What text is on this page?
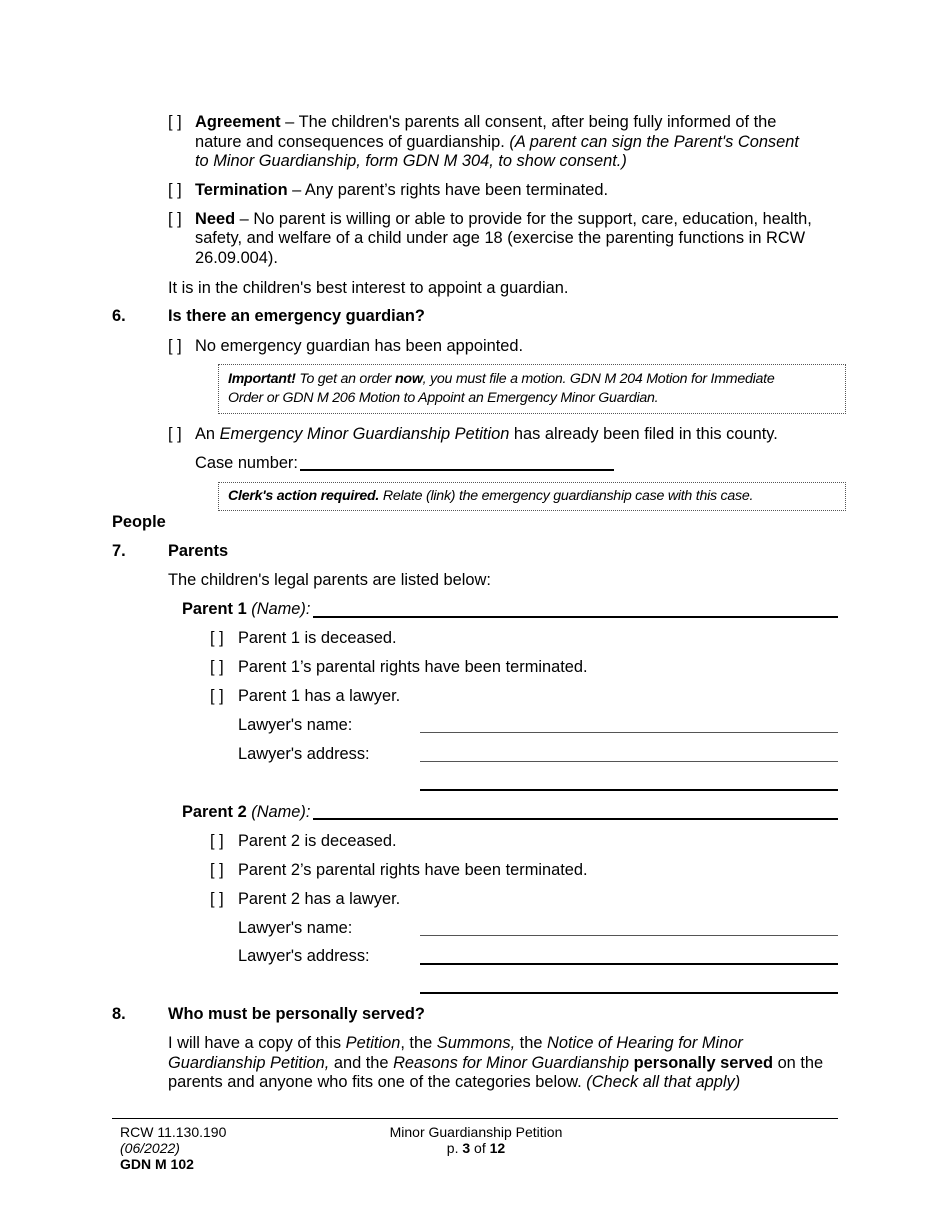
[ ] Agreement – The children's parents all consent, after being fully informed of the
nature and consequences of guardianship. (A parent can sign the Parent's Consent
to Minor Guardianship, form GDN M 304, to show consent.)
[ ] Termination – Any parent’s rights have been terminated.
[ ] Need – No parent is willing or able to provide for the support, care, education, health,
safety, and welfare of a child under age 18 (exercise the parenting functions in RCW
26.09.004).
It is in the children's best interest to appoint a guardian.
6.	Is there an emergency guardian?
[ ] No emergency guardian has been appointed.
Important! To get an order now, you must file a motion. GDN M 204 Motion for Immediate
Order or GDN M 206 Motion to Appoint an Emergency Minor Guardian.
[ ] An Emergency Minor Guardianship Petition has already been filed in this county.
Case number:
Clerk's action required. Relate (link) the emergency guardianship case with this case.
People
7.	Parents
The children's legal parents are listed below:
Parent 1 (Name):
[ ] Parent 1 is deceased.
[ ] Parent 1’s parental rights have been terminated.
[ ] Parent 1 has a lawyer.
Lawyer's name:
Lawyer's address:
Parent 2 (Name):
[ ] Parent 2 is deceased.
[ ] Parent 2’s parental rights have been terminated.
[ ] Parent 2 has a lawyer.
Lawyer's name:
Lawyer's address:
8.	Who must be personally served?
I will have a copy of this Petition, the Summons, the Notice of Hearing for Minor
Guardianship Petition, and the Reasons for Minor Guardianship personally served on the
parents and anyone who fits one of the categories below. (Check all that apply)
RCW 11.130.190
(06/2022)
GDN M 102
Minor Guardianship Petition
p. 3 of 12
